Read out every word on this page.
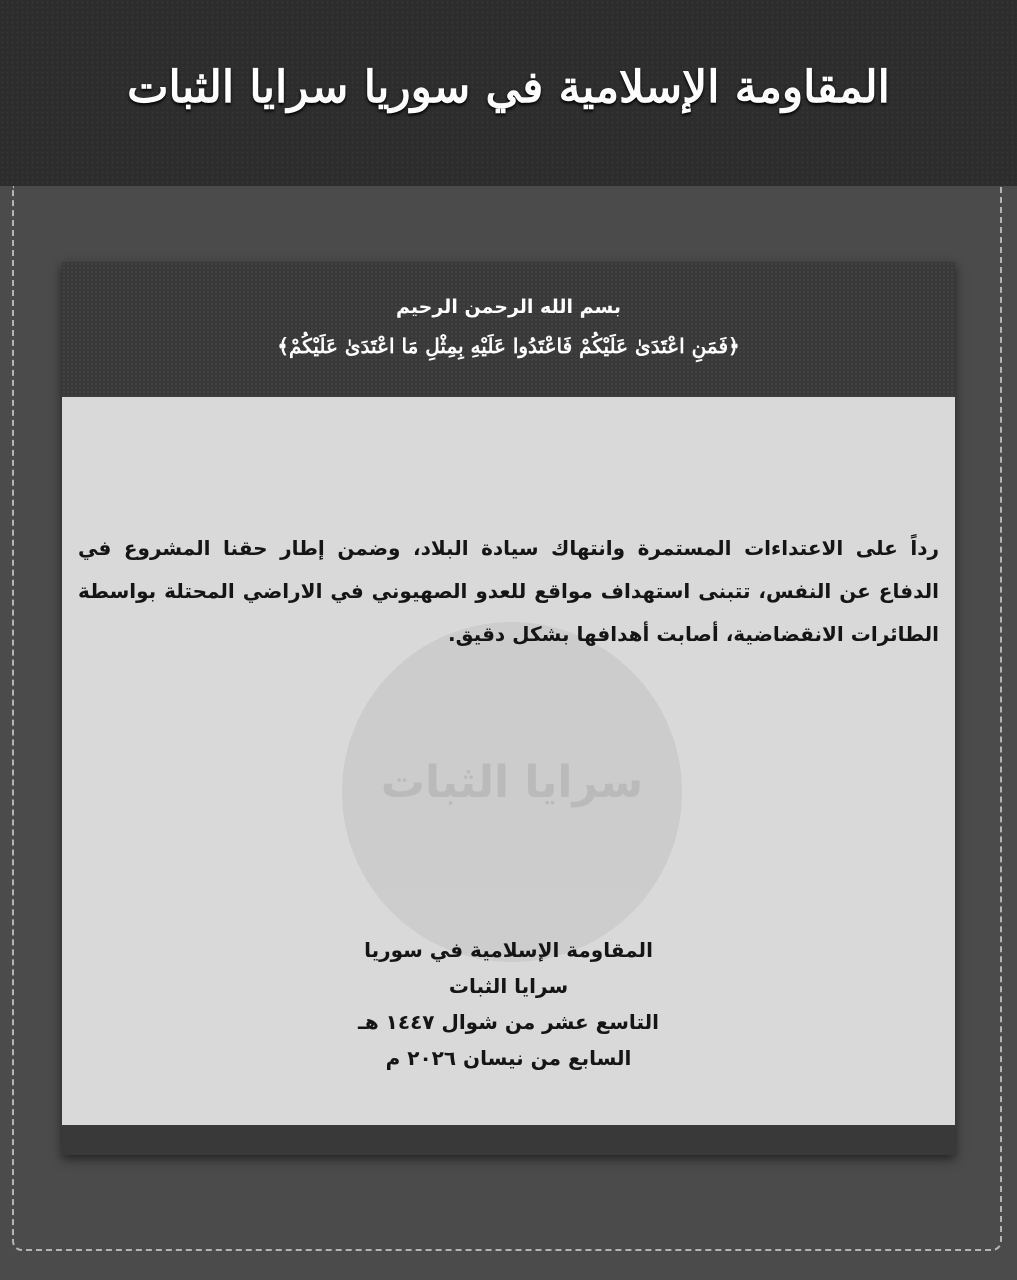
المقاومة الإسلامية في سوريا سرايا الثبات
بسم الله الرحمن الرحيم
﴿فَمَنِ اعْتَدَىٰ عَلَيْكُمْ فَاعْتَدُوا عَلَيْهِ بِمِثْلِ مَا اعْتَدَىٰ عَلَيْكُمْ﴾
سرايا الثبات
رداً على الاعتداءات المستمرة وانتهاك سيادة البلاد، وضمن إطار حقنا المشروع في الدفاع عن النفس، تتبنى استهداف مواقع للعدو الصهيوني في الاراضي المحتلة بواسطة الطائرات الانقضاضية، أصابت أهدافها بشكل دقيق.
المقاومة الإسلامية في سوريا
سرايا الثبات
التاسع عشر من شوال ١٤٤٧ هـ
السابع من نيسان ٢٠٢٦ م
